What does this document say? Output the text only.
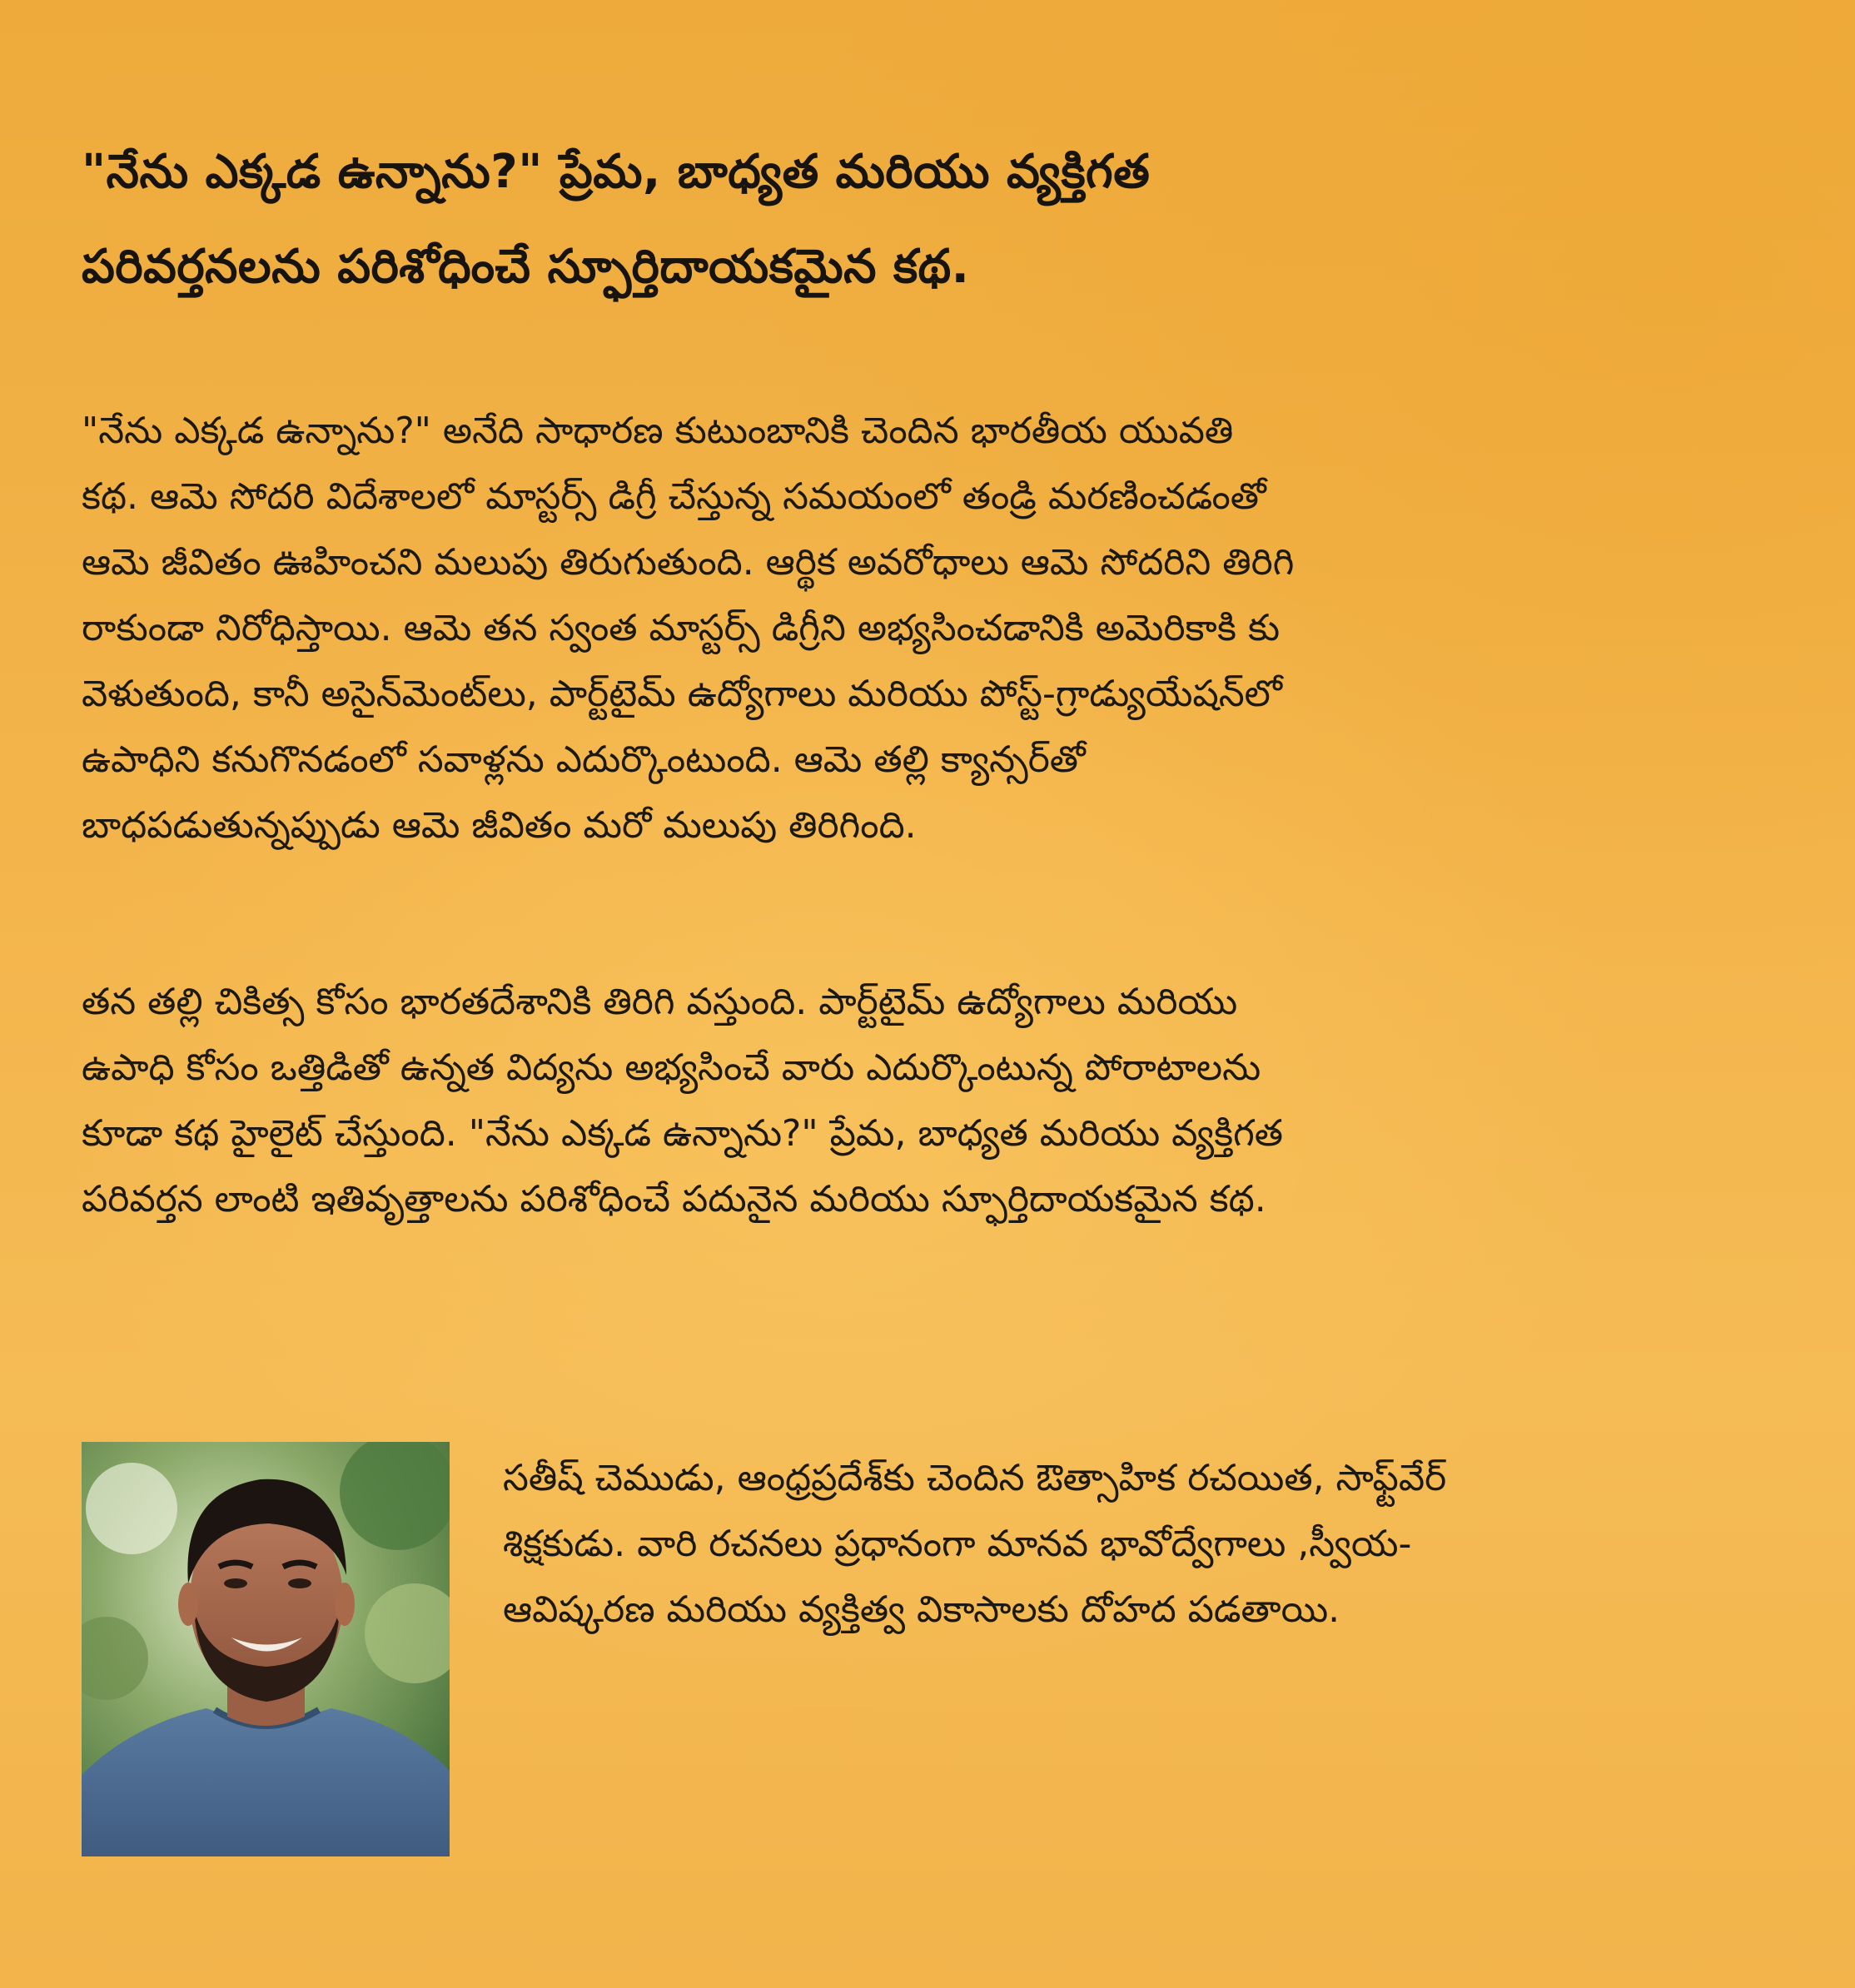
"నేను ఎక్కడ ఉన్నాను?" ప్రేమ, బాధ్యత మరియు వ్యక్తిగత
పరివర్తనలను పరిశోధించే స్ఫూర్తిదాయకమైన కథ.

"నేను ఎక్కడ ఉన్నాను?" అనేది సాధారణ కుటుంబానికి చెందిన భారతీయ యువతి
కథ. ఆమె సోదరి విదేశాలలో మాస్టర్స్ డిగ్రీ చేస్తున్న సమయంలో తండ్రి మరణించడంతో
ఆమె జీవితం ఊహించని మలుపు తిరుగుతుంది. ఆర్థిక అవరోధాలు ఆమె సోదరిని తిరిగి
రాకుండా నిరోధిస్తాయి. ఆమె తన స్వంత మాస్టర్స్ డిగ్రీని అభ్యసించడానికి అమెరికాకి కు
వెళుతుంది, కానీ అసైన్‌మెంట్‌లు, పార్ట్‌టైమ్ ఉద్యోగాలు మరియు పోస్ట్-గ్రాడ్యుయేషన్‌లో
ఉపాధిని కనుగొనడంలో సవాళ్లను ఎదుర్కొంటుంది. ఆమె తల్లి క్యాన్సర్‌తో
బాధపడుతున్నప్పుడు ఆమె జీవితం మరో మలుపు తిరిగింది.

తన తల్లి చికిత్స కోసం భారతదేశానికి తిరిగి వస్తుంది. పార్ట్‌టైమ్ ఉద్యోగాలు మరియు
ఉపాధి కోసం ఒత్తిడితో ఉన్నత విద్యను అభ్యసించే వారు ఎదుర్కొంటున్న పోరాటాలను
కూడా కథ హైలైట్ చేస్తుంది. "నేను ఎక్కడ ఉన్నాను?" ప్రేమ, బాధ్యత మరియు వ్యక్తిగత
పరివర్తన లాంటి ఇతివృత్తాలను పరిశోధించే పదునైన మరియు స్ఫూర్తిదాయకమైన కథ.

సతీష్ చెముడు, ఆంధ్రప్రదేశ్‌కు చెందిన ఔత్సాహిక రచయిత, సాఫ్ట్‌వేర్
శిక్షకుడు. వారి రచనలు ప్రధానంగా మానవ భావోద్వేగాలు ,స్వీయ-
ఆవిష్కరణ మరియు వ్యక్తిత్వ వికాసాలకు దోహద పడతాయి.
